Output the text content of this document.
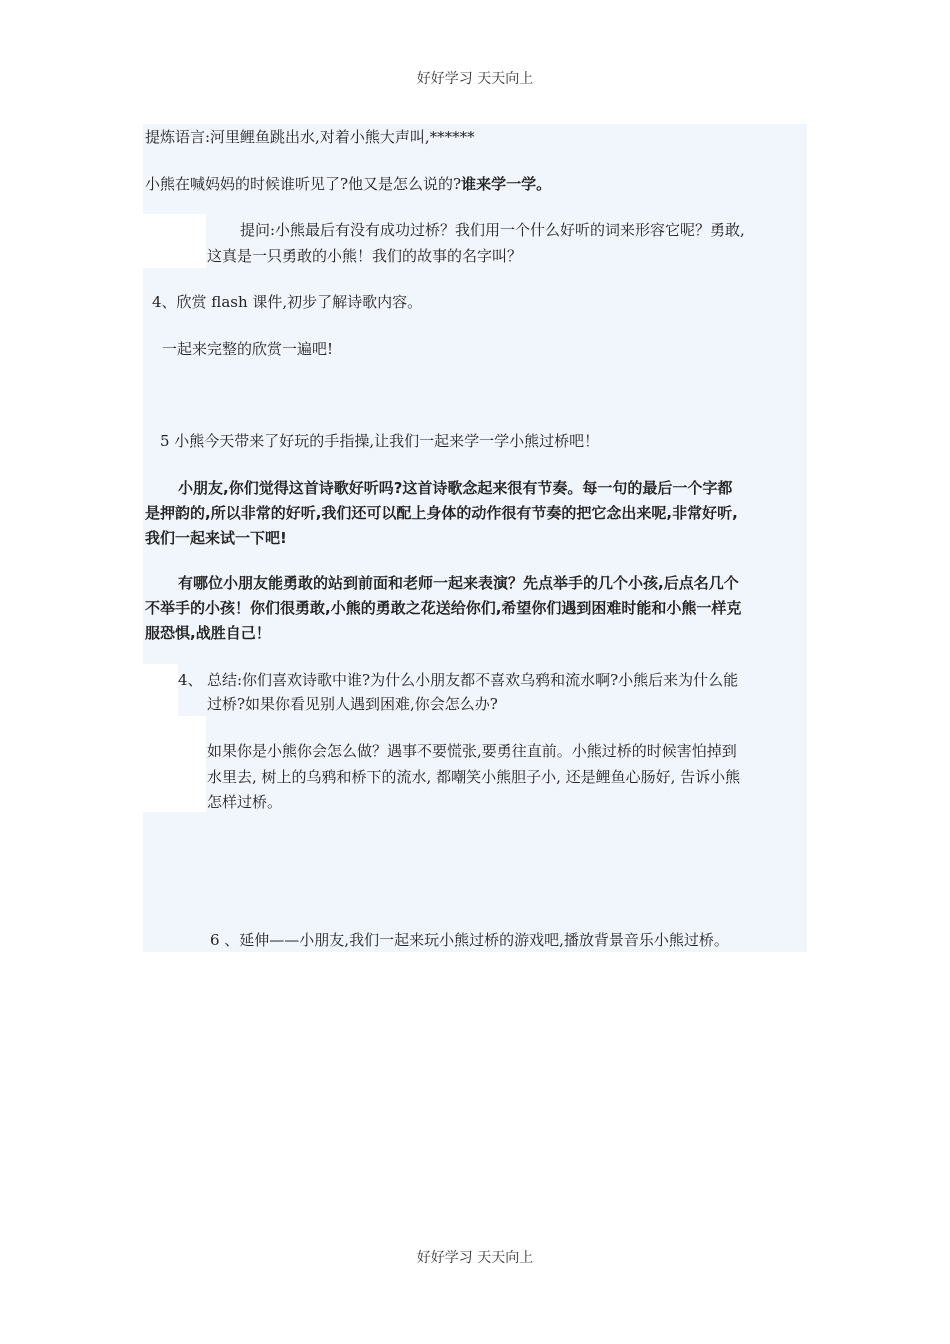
好好学习 天天向上
提炼语言:河里鲤鱼跳出水,对着小熊大声叫,******
小熊在喊妈妈的时候谁听见了?他又是怎么说的?谁来学一学。
提问:小熊最后有没有成功过桥？我们用一个什么好听的词来形容它呢？勇敢,
这真是一只勇敢的小熊！我们的故事的名字叫？
4、欣赏 flash 课件,初步了解诗歌内容。
一起来完整的欣赏一遍吧!
5 小熊今天带来了好玩的手指操,让我们一起来学一学小熊过桥吧！
小朋友,你们觉得这首诗歌好听吗?这首诗歌念起来很有节奏。每一句的最后一个字都
是押韵的,所以非常的好听,我们还可以配上身体的动作很有节奏的把它念出来呢,非常好听,
我们一起来试一下吧!
有哪位小朋友能勇敢的站到前面和老师一起来表演？先点举手的几个小孩,后点名几个
不举手的小孩！你们很勇敢,小熊的勇敢之花送给你们,希望你们遇到困难时能和小熊一样克
服恐惧,战胜自己！
4、 总结:你们喜欢诗歌中谁?为什么小朋友都不喜欢乌鸦和流水啊?小熊后来为什么能
过桥?如果你看见别人遇到困难,你会怎么办?
如果你是小熊你会怎么做？遇事不要慌张,要勇往直前。小熊过桥的时候害怕掉到
水里去, 树上的乌鸦和桥下的流水, 都嘲笑小熊胆子小, 还是鲤鱼心肠好, 告诉小熊
怎样过桥。
6 、延伸——小朋友,我们一起来玩小熊过桥的游戏吧,播放背景音乐小熊过桥。
好好学习 天天向上
